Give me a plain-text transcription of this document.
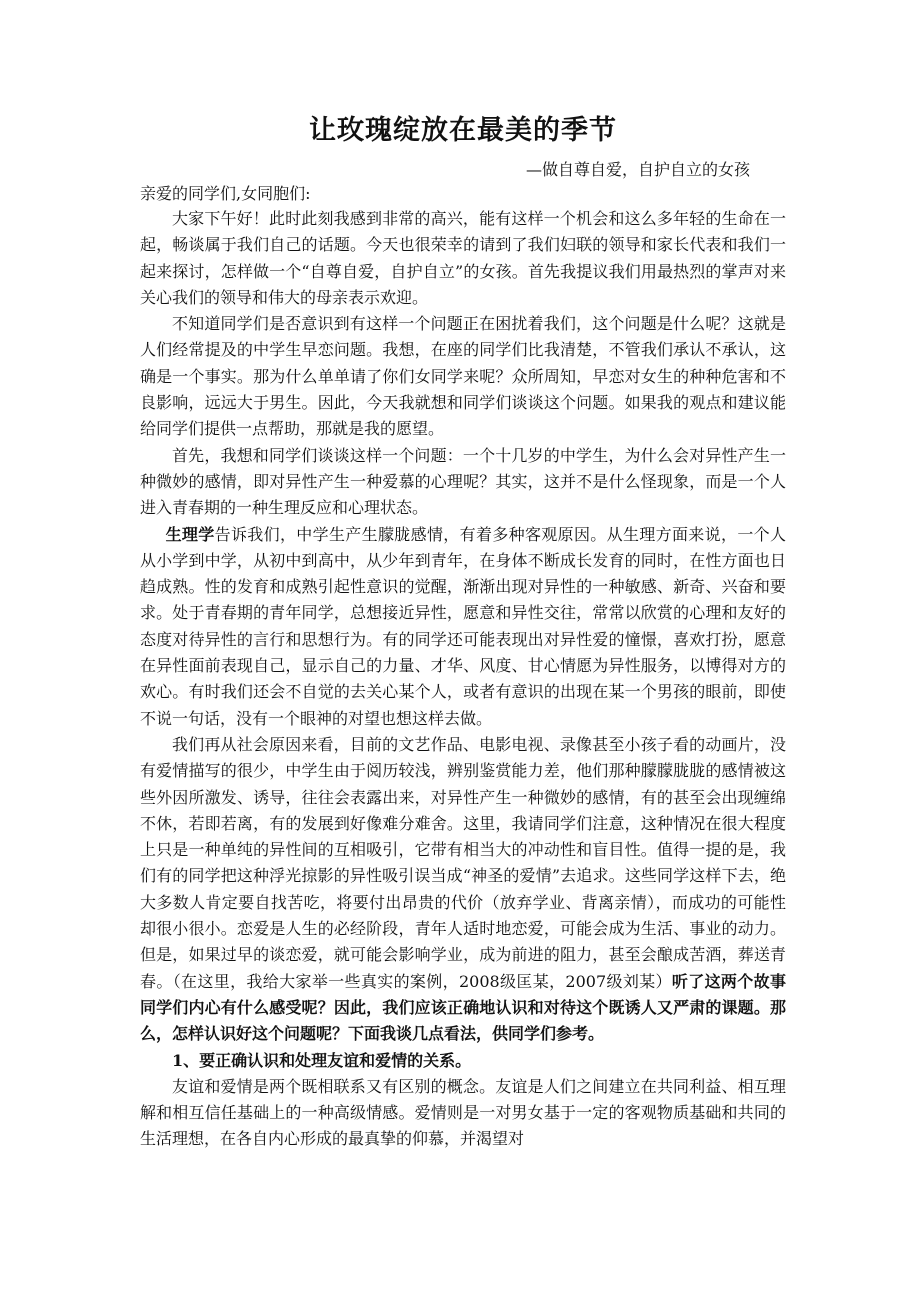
让玫瑰绽放在最美的季节

—做自尊自爱，自护自立的女孩

亲爱的同学们,女同胞们:

大家下午好！此时此刻我感到非常的高兴，能有这样一个机会和这么多年轻的生命在一起，畅谈属于我们自己的话题。今天也很荣幸的请到了我们妇联的领导和家长代表和我们一起来探讨，怎样做一个“自尊自爱，自护自立”的女孩。首先我提议我们用最热烈的掌声对来关心我们的领导和伟大的母亲表示欢迎。

不知道同学们是否意识到有这样一个问题正在困扰着我们，这个问题是什么呢？这就是人们经常提及的中学生早恋问题。我想，在座的同学们比我清楚，不管我们承认不承认，这确是一个事实。那为什么单单请了你们女同学来呢？众所周知，早恋对女生的种种危害和不良影响，远远大于男生。因此，今天我就想和同学们谈谈这个问题。如果我的观点和建议能给同学们提供一点帮助，那就是我的愿望。

首先，我想和同学们谈谈这样一个问题：一个十几岁的中学生，为什么会对异性产生一种微妙的感情，即对异性产生一种爱慕的心理呢？其实，这并不是什么怪现象，而是一个人进入青春期的一种生理反应和心理状态。

生理学告诉我们，中学生产生朦胧感情，有着多种客观原因。从生理方面来说，一个人从小学到中学，从初中到高中，从少年到青年，在身体不断成长发育的同时，在性方面也日趋成熟。性的发育和成熟引起性意识的觉醒，渐渐出现对异性的一种敏感、新奇、兴奋和要求。处于青春期的青年同学，总想接近异性，愿意和异性交往，常常以欣赏的心理和友好的态度对待异性的言行和思想行为。有的同学还可能表现出对异性爱的憧憬，喜欢打扮，愿意在异性面前表现自己，显示自己的力量、才华、风度、甘心情愿为异性服务，以博得对方的欢心。有时我们还会不自觉的去关心某个人，或者有意识的出现在某一个男孩的眼前，即使不说一句话，没有一个眼神的对望也想这样去做。

我们再从社会原因来看，目前的文艺作品、电影电视、录像甚至小孩子看的动画片，没有爱情描写的很少，中学生由于阅历较浅，辨别鉴赏能力差，他们那种朦朦胧胧的感情被这些外因所激发、诱导，往往会表露出来，对异性产生一种微妙的感情，有的甚至会出现缠绵不休，若即若离，有的发展到好像难分难舍。这里，我请同学们注意，这种情况在很大程度上只是一种单纯的异性间的互相吸引，它带有相当大的冲动性和盲目性。值得一提的是，我们有的同学把这种浮光掠影的异性吸引误当成“神圣的爱情”去追求。这些同学这样下去，绝大多数人肯定要自找苦吃，将要付出昂贵的代价（放弃学业、背离亲情），而成功的可能性却很小很小。恋爱是人生的必经阶段，青年人适时地恋爱，可能会成为生活、事业的动力。但是，如果过早的谈恋爱，就可能会影响学业，成为前进的阻力，甚至会酿成苦酒，葬送青春。（在这里，我给大家举一些真实的案例，2008级匡某，2007级刘某）听了这两个故事同学们内心有什么感受呢？因此，我们应该正确地认识和对待这个既诱人又严肃的课题。那么，怎样认识好这个问题呢？下面我谈几点看法，供同学们参考。

1、要正确认识和处理友谊和爱情的关系。

友谊和爱情是两个既相联系又有区别的概念。友谊是人们之间建立在共同利益、相互理解和相互信任基础上的一种高级情感。爱情则是一对男女基于一定的客观物质基础和共同的生活理想，在各自内心形成的最真挚的仰慕，并渴望对
